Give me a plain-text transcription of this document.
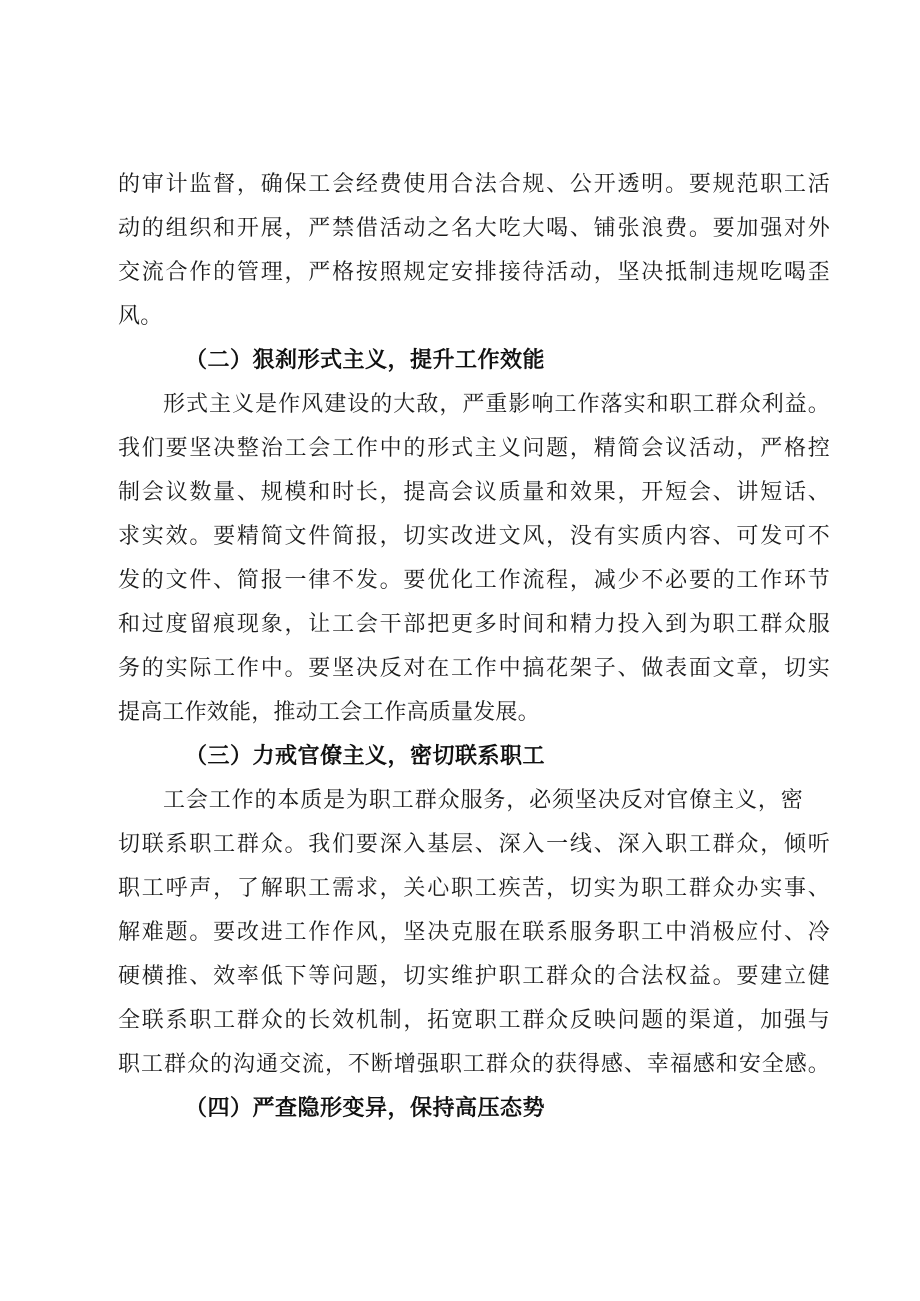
的审计监督，确保工会经费使用合法合规、公开透明。要规范职工活
动的组织和开展，严禁借活动之名大吃大喝、铺张浪费。要加强对外
交流合作的管理，严格按照规定安排接待活动，坚决抵制违规吃喝歪
风。
（二）狠刹形式主义，提升工作效能
形式主义是作风建设的大敌，严重影响工作落实和职工群众利益。
我们要坚决整治工会工作中的形式主义问题，精简会议活动，严格控
制会议数量、规模和时长，提高会议质量和效果，开短会、讲短话、
求实效。要精简文件简报，切实改进文风，没有实质内容、可发可不
发的文件、简报一律不发。要优化工作流程，减少不必要的工作环节
和过度留痕现象，让工会干部把更多时间和精力投入到为职工群众服
务的实际工作中。要坚决反对在工作中搞花架子、做表面文章，切实
提高工作效能，推动工会工作高质量发展。
（三）力戒官僚主义，密切联系职工
工会工作的本质是为职工群众服务，必须坚决反对官僚主义，密
切联系职工群众。我们要深入基层、深入一线、深入职工群众，倾听
职工呼声，了解职工需求，关心职工疾苦，切实为职工群众办实事、
解难题。要改进工作作风，坚决克服在联系服务职工中消极应付、冷
硬横推、效率低下等问题，切实维护职工群众的合法权益。要建立健
全联系职工群众的长效机制，拓宽职工群众反映问题的渠道，加强与
职工群众的沟通交流，不断增强职工群众的获得感、幸福感和安全感。
（四）严查隐形变异，保持高压态势
